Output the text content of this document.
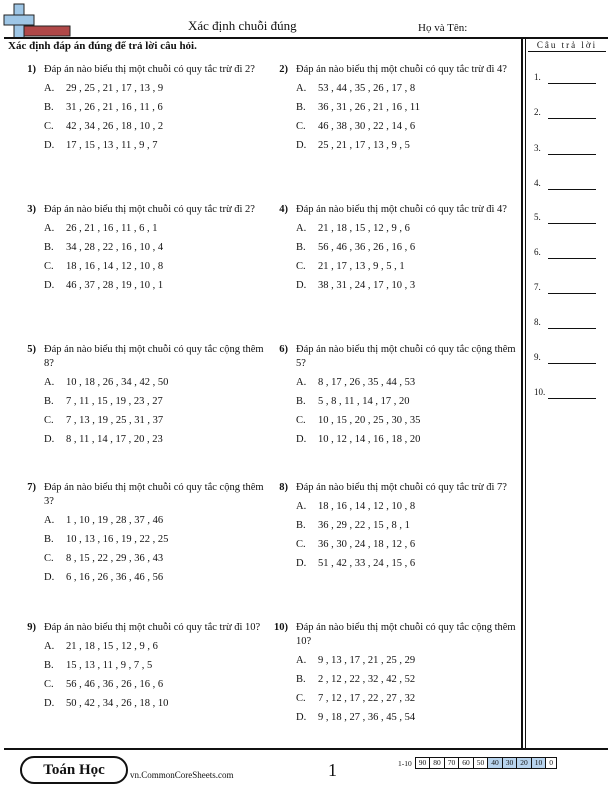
Xác định chuỗi đúng	Họ và Tên:
Xác định đáp án đúng để trả lời câu hỏi.	Câu trả lời
1.
2.
3.
4.
5.
6.
7.
8.
9.
10.
1) Đáp án nào biểu thị một chuỗi có quy tắc trừ đi 2?
A. 29 , 25 , 21 , 17 , 13 , 9
B. 31 , 26 , 21 , 16 , 11 , 6
C. 42 , 34 , 26 , 18 , 10 , 2
D. 17 , 15 , 13 , 11 , 9 , 7
2) Đáp án nào biểu thị một chuỗi có quy tắc trừ đi 4?
A. 53 , 44 , 35 , 26 , 17 , 8
B. 36 , 31 , 26 , 21 , 16 , 11
C. 46 , 38 , 30 , 22 , 14 , 6
D. 25 , 21 , 17 , 13 , 9 , 5
3) Đáp án nào biểu thị một chuỗi có quy tắc trừ đi 2?
A. 26 , 21 , 16 , 11 , 6 , 1
B. 34 , 28 , 22 , 16 , 10 , 4
C. 18 , 16 , 14 , 12 , 10 , 8
D. 46 , 37 , 28 , 19 , 10 , 1
4) Đáp án nào biểu thị một chuỗi có quy tắc trừ đi 4?
A. 21 , 18 , 15 , 12 , 9 , 6
B. 56 , 46 , 36 , 26 , 16 , 6
C. 21 , 17 , 13 , 9 , 5 , 1
D. 38 , 31 , 24 , 17 , 10 , 3
5) Đáp án nào biểu thị một chuỗi có quy tắc cộng thêm 8?
A. 10 , 18 , 26 , 34 , 42 , 50
B. 7 , 11 , 15 , 19 , 23 , 27
C. 7 , 13 , 19 , 25 , 31 , 37
D. 8 , 11 , 14 , 17 , 20 , 23
6) Đáp án nào biểu thị một chuỗi có quy tắc cộng thêm 5?
A. 8 , 17 , 26 , 35 , 44 , 53
B. 5 , 8 , 11 , 14 , 17 , 20
C. 10 , 15 , 20 , 25 , 30 , 35
D. 10 , 12 , 14 , 16 , 18 , 20
7) Đáp án nào biểu thị một chuỗi có quy tắc cộng thêm 3?
A. 1 , 10 , 19 , 28 , 37 , 46
B. 10 , 13 , 16 , 19 , 22 , 25
C. 8 , 15 , 22 , 29 , 36 , 43
D. 6 , 16 , 26 , 36 , 46 , 56
8) Đáp án nào biểu thị một chuỗi có quy tắc trừ đi 7?
A. 18 , 16 , 14 , 12 , 10 , 8
B. 36 , 29 , 22 , 15 , 8 , 1
C. 36 , 30 , 24 , 18 , 12 , 6
D. 51 , 42 , 33 , 24 , 15 , 6
9) Đáp án nào biểu thị một chuỗi có quy tắc trừ đi 10?
A. 21 , 18 , 15 , 12 , 9 , 6
B. 15 , 13 , 11 , 9 , 7 , 5
C. 56 , 46 , 36 , 26 , 16 , 6
D. 50 , 42 , 34 , 26 , 18 , 10
10) Đáp án nào biểu thị một chuỗi có quy tắc cộng thêm 10?
A. 9 , 13 , 17 , 21 , 25 , 29
B. 2 , 12 , 22 , 32 , 42 , 52
C. 7 , 12 , 17 , 22 , 27 , 32
D. 9 , 18 , 27 , 36 , 45 , 54
Toán Học	vn.CommonCoreSheets.com	1	1-10 90 80 70 60 50 40 30 20 10 0
